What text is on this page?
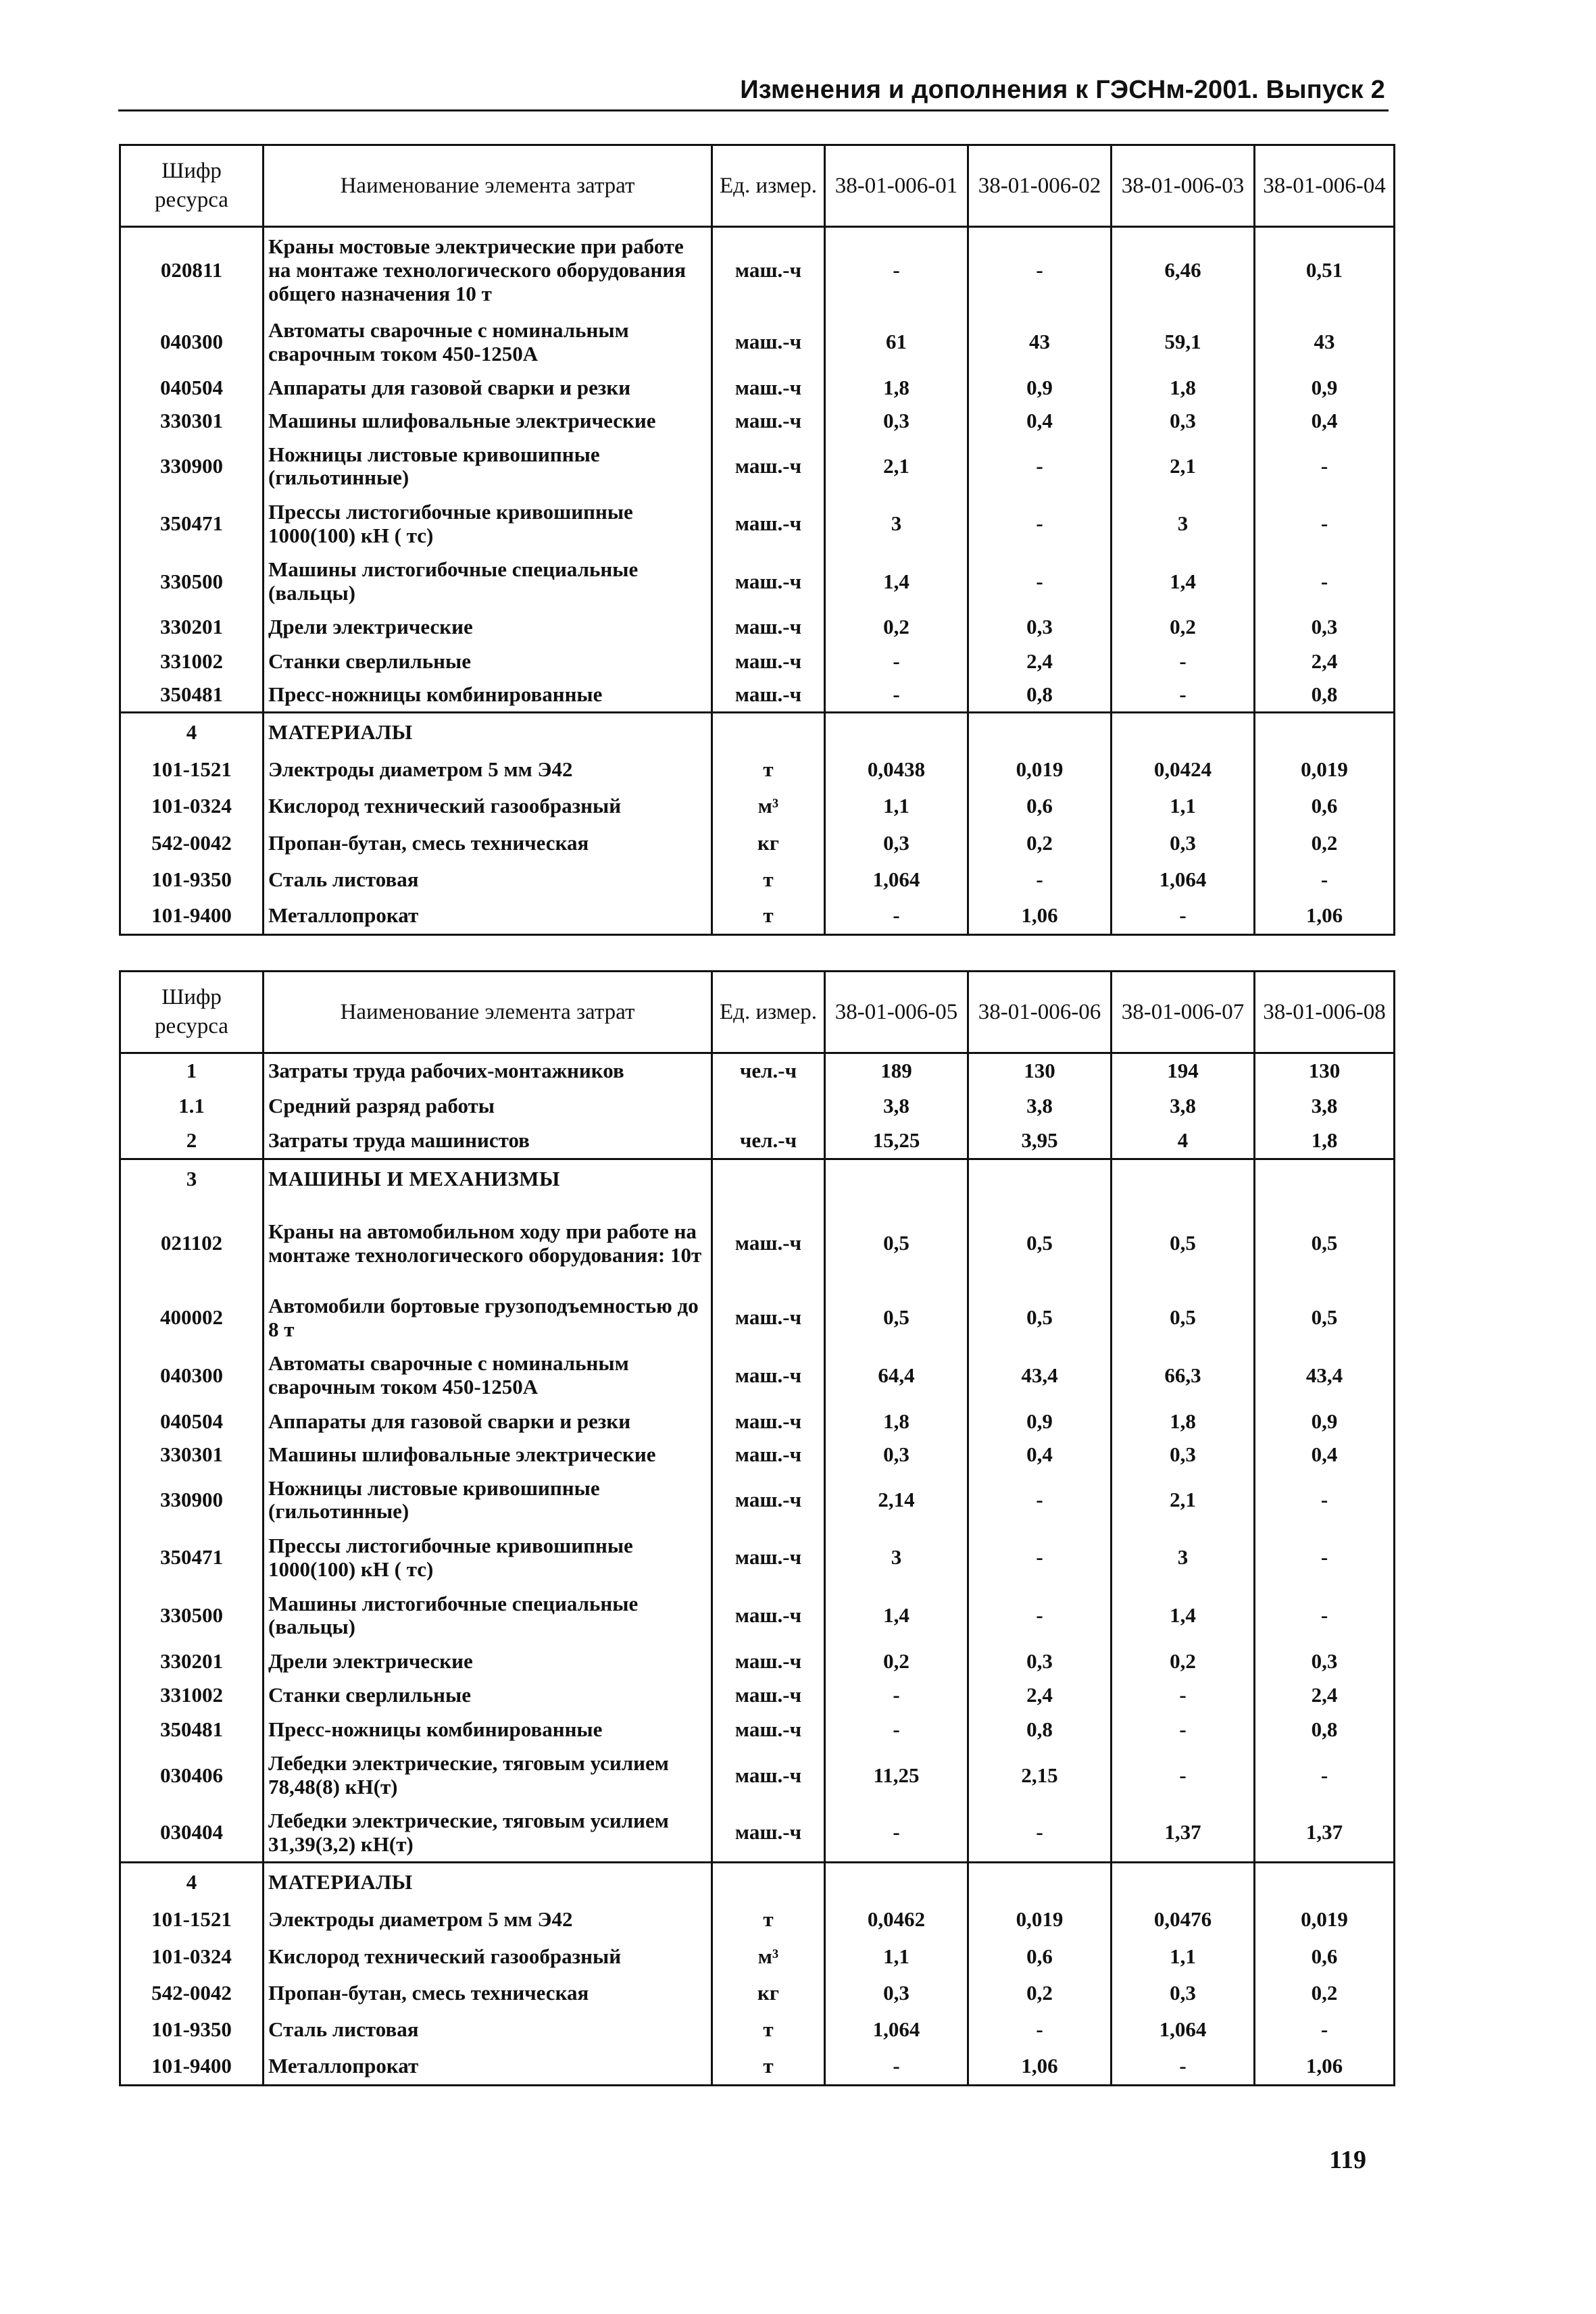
Изменения и дополнения к ГЭСНм-2001. Выпуск 2
Шифр ресурса	Наименование элемента затрат	Ед. измер.	38-01-006-01	38-01-006-02	38-01-006-03	38-01-006-04
020811	Краны мостовые электрические при работе на монтаже технологического оборудования общего назначения 10 т	маш.-ч	-	-	6,46	0,51
040300	Автоматы сварочные с номинальным сварочным током 450-1250А	маш.-ч	61	43	59,1	43
040504	Аппараты для газовой сварки и резки	маш.-ч	1,8	0,9	1,8	0,9
330301	Машины шлифовальные электрические	маш.-ч	0,3	0,4	0,3	0,4
330900	Ножницы листовые кривошипные (гильотинные)	маш.-ч	2,1	-	2,1	-
350471	Прессы листогибочные кривошипные 1000(100) кН ( тс)	маш.-ч	3	-	3	-
330500	Машины листогибочные специальные (вальцы)	маш.-ч	1,4	-	1,4	-
330201	Дрели электрические	маш.-ч	0,2	0,3	0,2	0,3
331002	Станки сверлильные	маш.-ч	-	2,4	-	2,4
350481	Пресс-ножницы комбинированные	маш.-ч	-	0,8	-	0,8
4	МАТЕРИАЛЫ					
101-1521	Электроды диаметром 5 мм Э42	т	0,0438	0,019	0,0424	0,019
101-0324	Кислород технический газообразный	м³	1,1	0,6	1,1	0,6
542-0042	Пропан-бутан, смесь техническая	кг	0,3	0,2	0,3	0,2
101-9350	Сталь листовая	т	1,064	-	1,064	-
101-9400	Металлопрокат	т	-	1,06	-	1,06
Шифр ресурса	Наименование элемента затрат	Ед. измер.	38-01-006-05	38-01-006-06	38-01-006-07	38-01-006-08
1	Затраты труда рабочих-монтажников	чел.-ч	189	130	194	130
1.1	Средний разряд работы		3,8	3,8	3,8	3,8
2	Затраты труда машинистов	чел.-ч	15,25	3,95	4	1,8
3	МАШИНЫ И МЕХАНИЗМЫ					
021102	Краны на автомобильном ходу при работе на монтаже технологического оборудования: 10т	маш.-ч	0,5	0,5	0,5	0,5
400002	Автомобили бортовые грузоподъемностью до 8 т	маш.-ч	0,5	0,5	0,5	0,5
040300	Автоматы сварочные с номинальным сварочным током 450-1250А	маш.-ч	64,4	43,4	66,3	43,4
040504	Аппараты для газовой сварки и резки	маш.-ч	1,8	0,9	1,8	0,9
330301	Машины шлифовальные электрические	маш.-ч	0,3	0,4	0,3	0,4
330900	Ножницы листовые кривошипные (гильотинные)	маш.-ч	2,14	-	2,1	-
350471	Прессы листогибочные кривошипные 1000(100) кН ( тс)	маш.-ч	3	-	3	-
330500	Машины листогибочные специальные (вальцы)	маш.-ч	1,4	-	1,4	-
330201	Дрели электрические	маш.-ч	0,2	0,3	0,2	0,3
331002	Станки сверлильные	маш.-ч	-	2,4	-	2,4
350481	Пресс-ножницы комбинированные	маш.-ч	-	0,8	-	0,8
030406	Лебедки электрические, тяговым усилием 78,48(8) кН(т)	маш.-ч	11,25	2,15	-	-
030404	Лебедки электрические, тяговым усилием 31,39(3,2) кН(т)	маш.-ч	-	-	1,37	1,37
4	МАТЕРИАЛЫ					
101-1521	Электроды диаметром 5 мм Э42	т	0,0462	0,019	0,0476	0,019
101-0324	Кислород технический газообразный	м³	1,1	0,6	1,1	0,6
542-0042	Пропан-бутан, смесь техническая	кг	0,3	0,2	0,3	0,2
101-9350	Сталь листовая	т	1,064	-	1,064	-
101-9400	Металлопрокат	т	-	1,06	-	1,06
119
